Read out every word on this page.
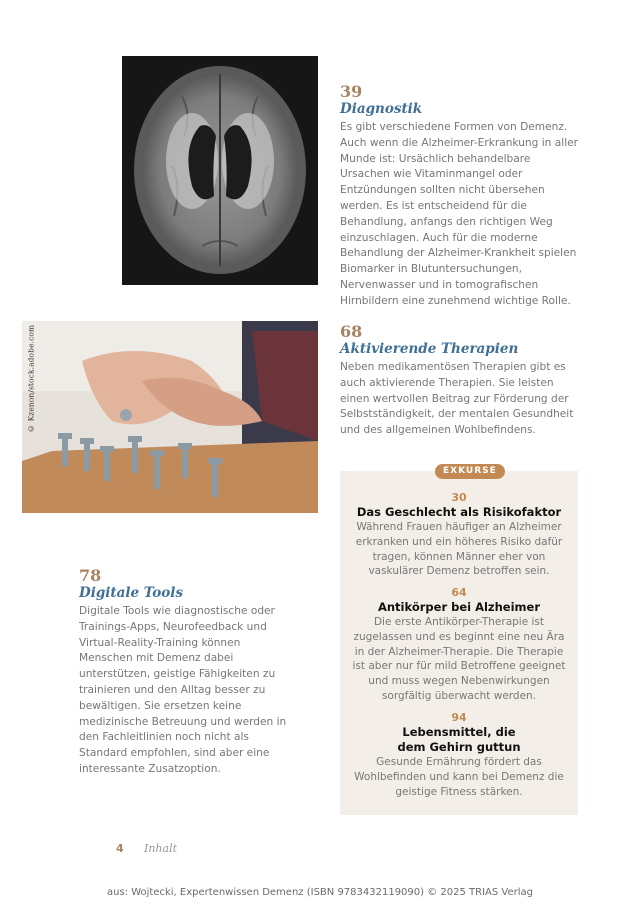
39
Diagnostik

Es gibt verschiedene Formen von Demenz. Auch wenn die Alzheimer-Erkrankung in aller Munde ist: Ursächlich behandelbare Ursachen wie Vitaminmangel oder Entzündungen sollten nicht übersehen werden. Es ist entscheidend für die Behandlung, anfangs den richtigen Weg einzuschlagen. Auch für die moderne Behandlung der Alzheimer-Krankheit spielen Biomarker in Blutuntersuchungen, Nervenwasser und in tomografischen Hirnbildern eine zunehmend wichtige Rolle.

© Kzenon/stock.adobe.com	68
Aktivierende Therapien

Neben medikamentösen Therapien gibt es auch aktivierende Therapien. Sie leisten einen wertvollen Beitrag zur Förderung der Selbstständigkeit, der mentalen Gesundheit und des allgemeinen Wohlbefindens.

78
Digitale Tools

Digitale Tools wie diagnostische oder Trainings-Apps, Neurofeedback und Virtual-Reality-Training können Menschen mit Demenz dabei unterstützen, geistige Fähigkeiten zu trainieren und den Alltag besser zu bewältigen. Sie ersetzen keine medizinische Betreuung und werden in den Fachleitlinien noch nicht als Standard empfohlen, sind aber eine interessante Zusatzoption.

EXKURSE
30
Das Geschlecht als Risikofaktor

Während Frauen häufiger an Alzheimer erkranken und ein höheres Risiko dafür tragen, können Männer eher von vaskulärer Demenz betroffen sein.

64
Antikörper bei Alzheimer

Die erste Antikörper-Therapie ist zugelassen und es beginnt eine neu Ära in der Alzheimer-Therapie. Die Therapie ist aber nur für mild Betroffene geeignet und muss wegen Nebenwirkungen sorgfältig überwacht werden.

94
Lebensmittel, die dem Gehirn guttun

Gesunde Ernährung fördert das Wohlbefinden und kann bei Demenz die geistige Fitness stärken.

4 Inhalt
aus: Wojtecki, Expertenwissen Demenz (ISBN 9783432119090) © 2025 TRIAS Verlag
